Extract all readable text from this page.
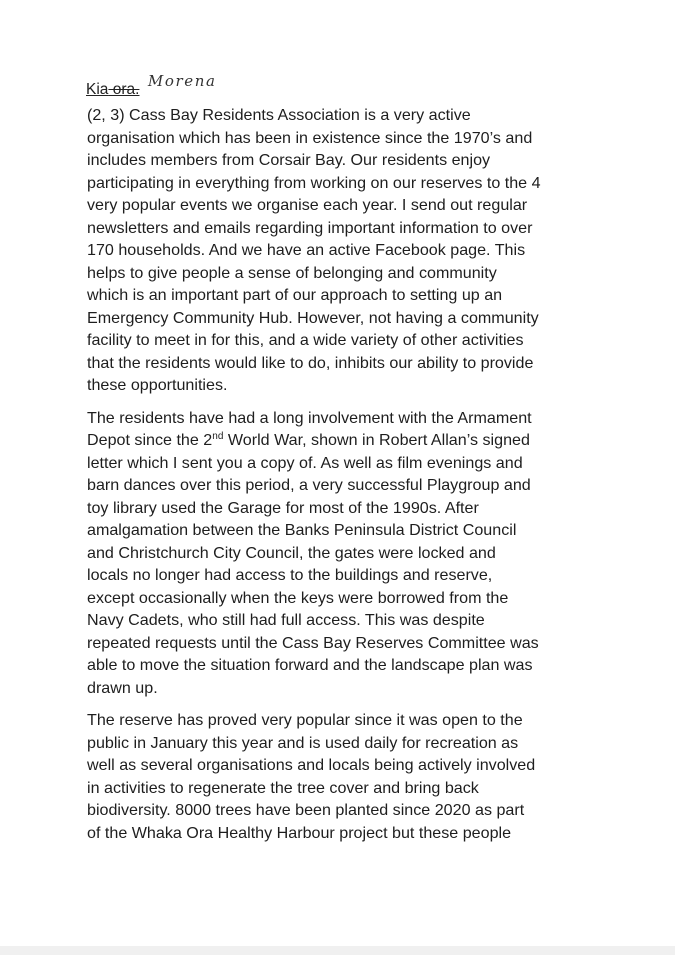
Kia ora. Morena

(2, 3) Cass Bay Residents Association is a very active
organisation which has been in existence since the 1970’s and
includes members from Corsair Bay. Our residents enjoy
participating in everything from working on our reserves to the 4
very popular events we organise each year. I send out regular
newsletters and emails regarding important information to over
170 households. And we have an active Facebook page. This
helps to give people a sense of belonging and community
which is an important part of our approach to setting up an
Emergency Community Hub. However, not having a community
facility to meet in for this, and a wide variety of other activities
that the residents would like to do, inhibits our ability to provide
these opportunities.

The residents have had a long involvement with the Armament
Depot since the 2nd World War, shown in Robert Allan’s signed
letter which I sent you a copy of. As well as film evenings and
barn dances over this period, a very successful Playgroup and
toy library used the Garage for most of the 1990s. After
amalgamation between the Banks Peninsula District Council
and Christchurch City Council, the gates were locked and
locals no longer had access to the buildings and reserve,
except occasionally when the keys were borrowed from the
Navy Cadets, who still had full access. This was despite
repeated requests until the Cass Bay Reserves Committee was
able to move the situation forward and the landscape plan was
drawn up.

The reserve has proved very popular since it was open to the
public in January this year and is used daily for recreation as
well as several organisations and locals being actively involved
in activities to regenerate the tree cover and bring back
biodiversity. 8000 trees have been planted since 2020 as part
of the Whaka Ora Healthy Harbour project but these people
